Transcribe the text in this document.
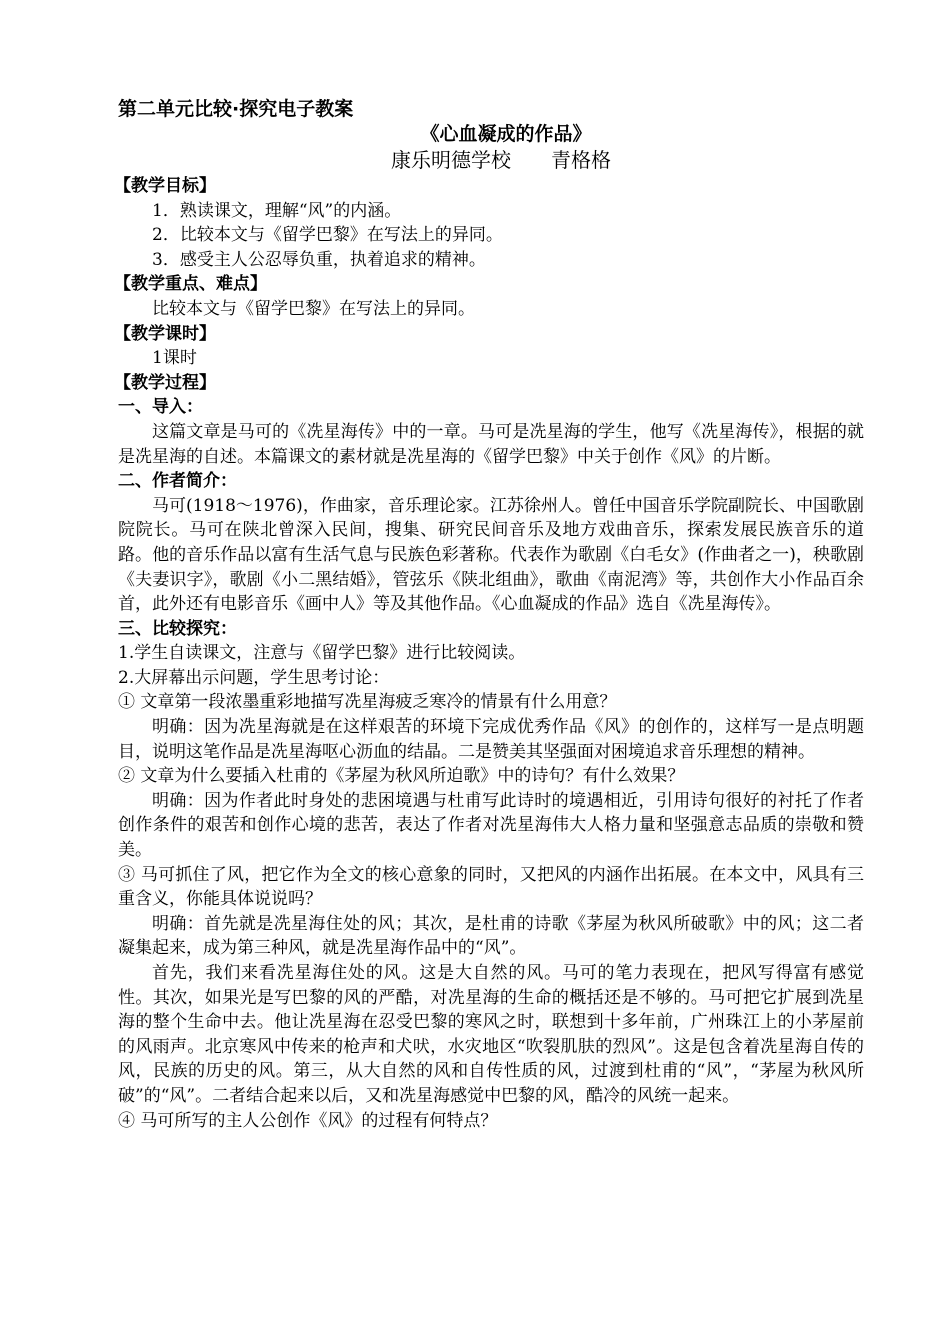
第二单元比较·探究电子教案
《心血凝成的作品》
康乐明德学校 青格格
【教学目标】

1．熟读课文，理解“风”的内涵。

2．比较本文与《留学巴黎》在写法上的异同。

3．感受主人公忍辱负重，执着追求的精神。

【教学重点、难点】

比较本文与《留学巴黎》在写法上的异同。

【教学课时】

1课时

【教学过程】
一、导入：

这篇文章是马可的《冼星海传》中的一章。马可是冼星海的学生，他写《冼星海传》，根据的就是冼星海的自述。本篇课文的素材就是冼星海的《留学巴黎》中关于创作《风》的片断。

二、作者简介：

马可(1918～1976)，作曲家，音乐理论家。江苏徐州人。曾任中国音乐学院副院长、中国歌剧院院长。马可在陕北曾深入民间，搜集、研究民间音乐及地方戏曲音乐，探索发展民族音乐的道路。他的音乐作品以富有生活气息与民族色彩著称。代表作为歌剧《白毛女》(作曲者之一)，秧歌剧《夫妻识字》，歌剧《小二黑结婚》，管弦乐《陕北组曲》，歌曲《南泥湾》等，共创作大小作品百余首，此外还有电影音乐《画中人》等及其他作品。《心血凝成的作品》选自《冼星海传》。

三、比较探究：

1.学生自读课文，注意与《留学巴黎》进行比较阅读。

2.大屏幕出示问题，学生思考讨论：

① 文章第一段浓墨重彩地描写冼星海疲乏寒冷的情景有什么用意？

明确：因为冼星海就是在这样艰苦的环境下完成优秀作品《风》的创作的，这样写一是点明题目，说明这笔作品是冼星海呕心沥血的结晶。二是赞美其坚强面对困境追求音乐理想的精神。

② 文章为什么要插入杜甫的《茅屋为秋风所迫歌》中的诗句？有什么效果？

明确：因为作者此时身处的悲困境遇与杜甫写此诗时的境遇相近，引用诗句很好的衬托了作者创作条件的艰苦和创作心境的悲苦，表达了作者对冼星海伟大人格力量和坚强意志品质的崇敬和赞美。

③ 马可抓住了风，把它作为全文的核心意象的同时，又把风的内涵作出拓展。在本文中，风具有三重含义，你能具体说说吗？

明确：首先就是冼星海住处的风；其次，是杜甫的诗歌《茅屋为秋风所破歌》中的风；这二者凝集起来，成为第三种风，就是冼星海作品中的“风”。

首先，我们来看冼星海住处的风。这是大自然的风。马可的笔力表现在，把风写得富有感觉性。其次，如果光是写巴黎的风的严酷，对冼星海的生命的概括还是不够的。马可把它扩展到冼星海的整个生命中去。他让冼星海在忍受巴黎的寒风之时，联想到十多年前，广州珠江上的小茅屋前的风雨声。北京寒风中传来的枪声和犬吠，水灾地区“吹裂肌肤的烈风”。这是包含着冼星海自传的风，民族的历史的风。第三，从大自然的风和自传性质的风，过渡到杜甫的“风”，“茅屋为秋风所破”的“风”。二者结合起来以后，又和冼星海感觉中巴黎的风，酷冷的风统一起来。

④ 马可所写的主人公创作《风》的过程有何特点？
